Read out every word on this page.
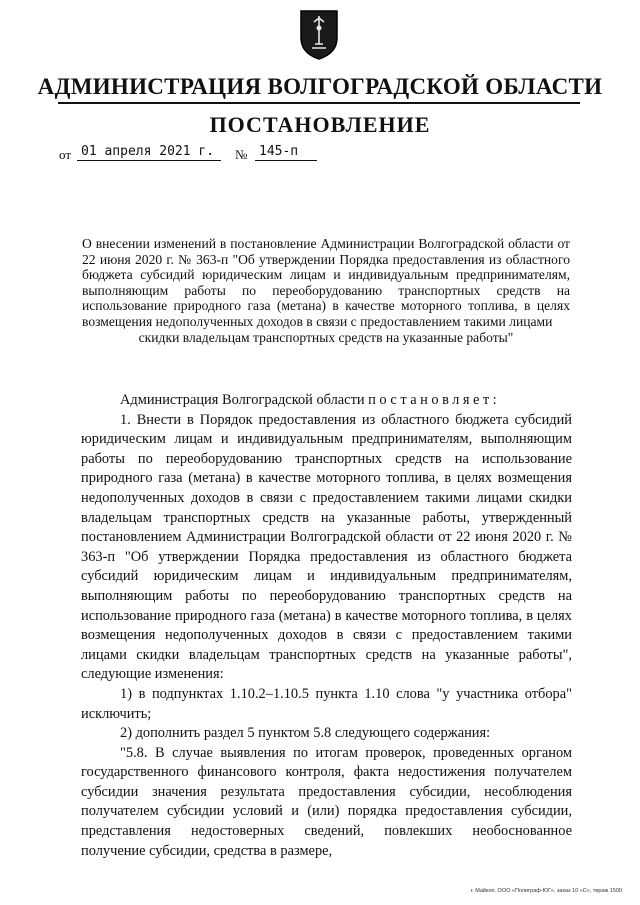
АДМИНИСТРАЦИЯ ВОЛГОГРАДСКОЙ ОБЛАСТИ
ПОСТАНОВЛЕНИЕ
от 01 апреля 2021 г.	№ 145-п
О внесении изменений в постановление Администрации Волгоградской области от 22 июня 2020 г. № 363-п "Об утверждении Порядка предоставления из областного бюджета субсидий юридическим лицам и индивидуальным предпринимателям, выполняющим работы по переоборудованию транспортных средств на использование природного газа (метана) в качестве моторного топлива, в целях возмещения недополученных доходов в связи с предоставлением такими лицами
скидки владельцам транспортных средств на указанные работы"

Администрация Волгоградской области постановляет:

1. Внести в Порядок предоставления из областного бюджета субсидий юридическим лицам и индивидуальным предпринимателям, выполняющим работы по переоборудованию транспортных средств на использование природного газа (метана) в качестве моторного топлива, в целях возмещения недополученных доходов в связи с предоставлением такими лицами скидки владельцам транспортных средств на указанные работы, утвержденный постановлением Администрации Волгоградской области от 22 июня 2020 г. № 363-п "Об утверждении Порядка предоставления из областного бюджета субсидий юридическим лицам и индивидуальным предпринимателям, выполняющим работы по переоборудованию транспортных средств на использование природного газа (метана) в качестве моторного топлива, в целях возмещения недополученных доходов в связи с предоставлением такими лицами скидки владельцам транспортных средств на указанные работы", следующие изменения:

1) в подпунктах 1.10.2–1.10.5 пункта 1.10 слова "у участника отбора" исключить;

2) дополнить раздел 5 пунктом 5.8 следующего содержания:

"5.8. В случае выявления по итогам проверок, проведенных органом государственного финансового контроля, факта недостижения получателем субсидии значения результата предоставления субсидии, несоблюдения получателем субсидии условий и (или) порядка предоставления субсидии, представления недостоверных сведений, повлекших необоснованное получение субсидии, средства в размере,

г. Майкоп. ООО «Полиграф-ЮГ», заказ 10 «С», тираж 1500
